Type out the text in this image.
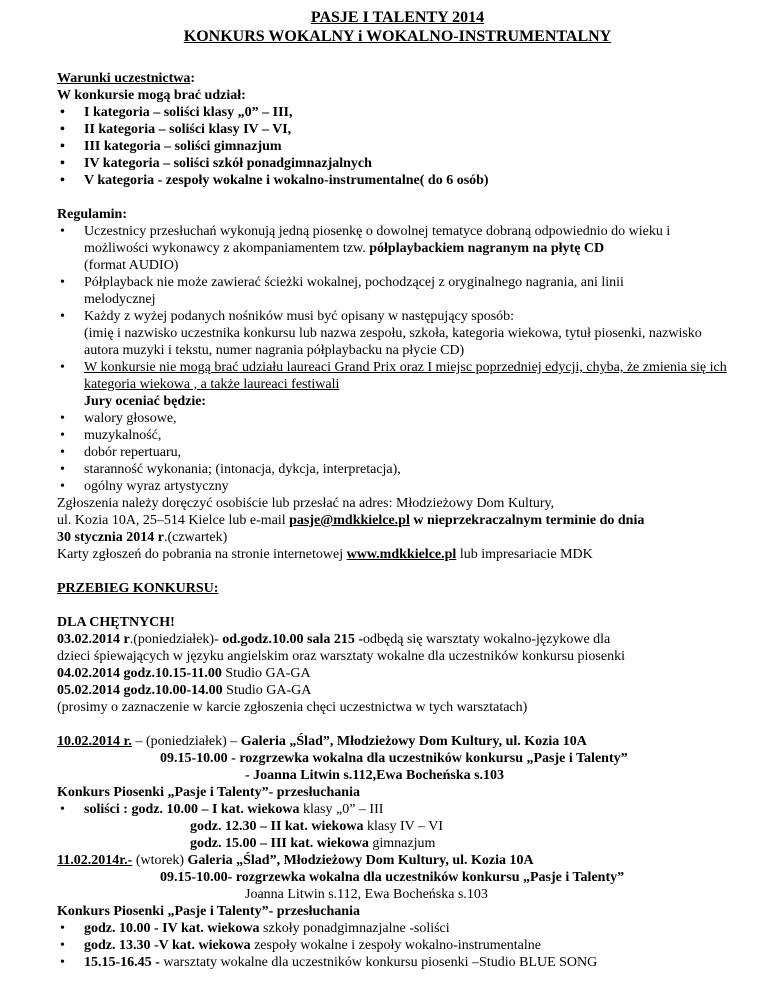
PASJE I TALENTY 2014

KONKURS WOKALNY i WOKALNO-INSTRUMENTALNY

Warunki uczestnictwa:

W konkursie mogą brać udział:

• I kategoria – soliści klasy „0” – III,

• II kategoria – soliści klasy IV – VI,

• III kategoria – soliści gimnazjum

• IV kategoria – soliści szkół ponadgimnazjalnych

• V kategoria - zespoły wokalne i wokalno-instrumentalne( do 6 osób)

Regulamin:

• Uczestnicy przesłuchań wykonują jedną piosenkę o dowolnej tematyce dobraną odpowiednio do wieku i możliwości wykonawcy z akompaniamentem tzw. półplaybackiem nagranym na płytę CD
(format AUDIO)

• Półplayback nie może zawierać ścieżki wokalnej, pochodzącej z oryginalnego nagrania, ani linii melodycznej

• Każdy z wyżej podanych nośników musi być opisany w następujący sposób:
(imię i nazwisko uczestnika konkursu lub nazwa zespołu, szkoła, kategoria wiekowa, tytuł piosenki, nazwisko autora muzyki i tekstu, numer nagrania półplaybacku na płycie CD)

• W konkursie nie mogą brać udziału laureaci Grand Prix oraz I miejsc poprzedniej edycji, chyba, że zmienia się ich kategoria wiekowa , a także laureaci festiwali

Jury oceniać będzie:

• walory głosowe,

• muzykalność,

• dobór repertuaru,

• staranność wykonania; (intonacja, dykcja, interpretacja),

• ogólny wyraz artystyczny

Zgłoszenia należy doręczyć osobiście lub przesłać na adres: Młodzieżowy Dom Kultury,

ul. Kozia 10A, 25–514 Kielce lub e-mail pasje@mdkkielce.pl w nieprzekraczalnym terminie do dnia

30 stycznia 2014 r.(czwartek)

Karty zgłoszeń do pobrania na stronie internetowej www.mdkkielce.pl lub impresariacie MDK

PRZEBIEG KONKURSU:

DLA CHĘTNYCH!

03.02.2014 r.(poniedziałek)- od.godz.10.00 sala 215 -odbędą się warsztaty wokalno-językowe dla

dzieci śpiewających w języku angielskim oraz warsztaty wokalne dla uczestników konkursu piosenki

04.02.2014 godz.10.15-11.00 Studio GA-GA

05.02.2014 godz.10.00-14.00 Studio GA-GA

(prosimy o zaznaczenie w karcie zgłoszenia chęci uczestnictwa w tych warsztatach)

10.02.2014 r. – (poniedziałek) – Galeria „Ślad”, Młodzieżowy Dom Kultury, ul. Kozia 10A

09.15-10.00 - rozgrzewka wokalna dla uczestników konkursu „Pasje i Talenty”

- Joanna Litwin s.112,Ewa Bocheńska s.103

Konkurs Piosenki „Pasje i Talenty”- przesłuchania

• soliści : godz. 10.00 – I kat. wiekowa klasy „0” – III

godz. 12.30 – II kat. wiekowa klasy IV – VI

godz. 15.00 – III kat. wiekowa gimnazjum

11.02.2014r.- (wtorek) Galeria „Ślad”, Młodzieżowy Dom Kultury, ul. Kozia 10A

09.15-10.00- rozgrzewka wokalna dla uczestników konkursu „Pasje i Talenty”

Joanna Litwin s.112, Ewa Bocheńska s.103

Konkurs Piosenki „Pasje i Talenty”- przesłuchania

• godz. 10.00 - IV kat. wiekowa szkoły ponadgimnazjalne -soliści

• godz. 13.30 -V kat. wiekowa zespoły wokalne i zespoły wokalno-instrumentalne

• 15.15-16.45 - warsztaty wokalne dla uczestników konkursu piosenki –Studio BLUE SONG
